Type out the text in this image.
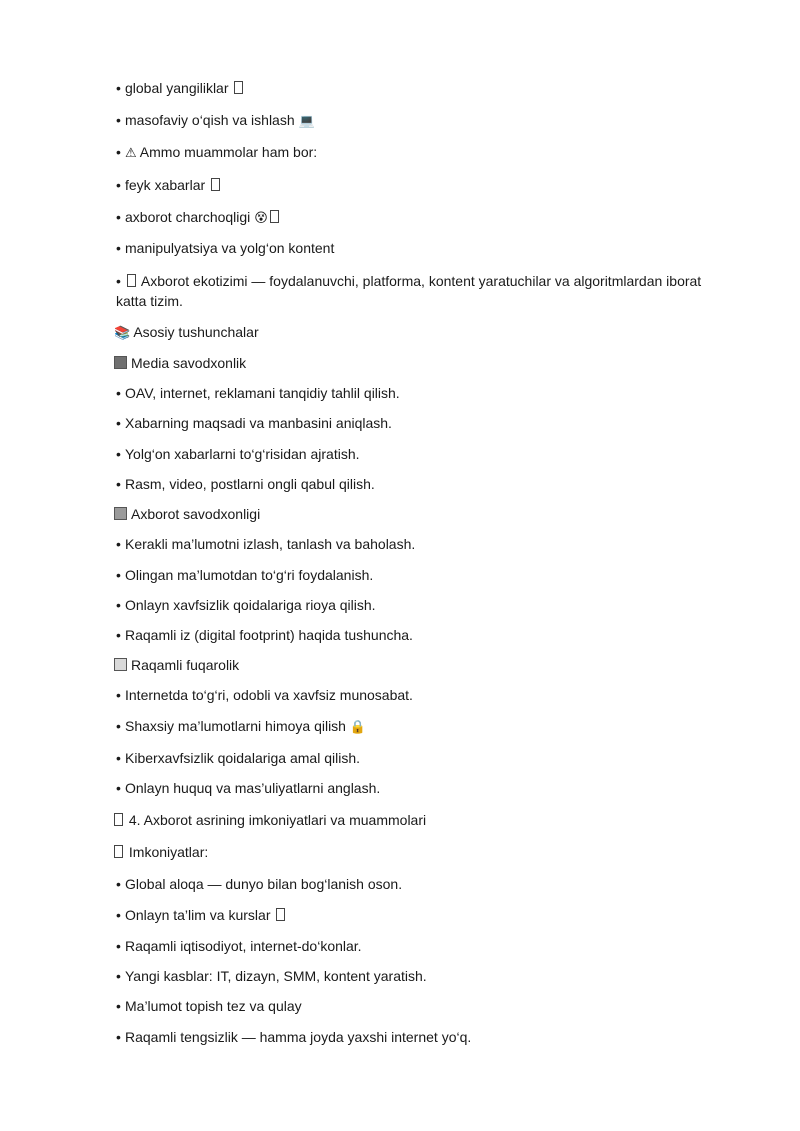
• global yangiliklar
• masofaviy o‘qish va ishlash 💻
• ⚠ Ammo muammolar ham bor:
• feyk xabarlar
• axborot charchoqligi 😵
• manipulyatsiya va yolg‘on kontent
• Axborot ekotizimi — foydalanuvchi, platforma, kontent yaratuchilar va algoritmlardan iborat katta tizim.
📚 Asosiy tushunchalar
Media savodxonlik
• OAV, internet, reklamani tanqidiy tahlil qilish.
• Xabarning maqsadi va manbasini aniqlash.
• Yolg‘on xabarlarni to‘g‘risidan ajratish.
• Rasm, video, postlarni ongli qabul qilish.
Axborot savodxonligi
• Kerakli ma’lumotni izlash, tanlash va baholash.
• Olingan ma’lumotdan to‘g‘ri foydalanish.
• Onlayn xavfsizlik qoidalariga rioya qilish.
• Raqamli iz (digital footprint) haqida tushuncha.
Raqamli fuqarolik
• Internetda to‘g‘ri, odobli va xavfsiz munosabat.
• Shaxsiy ma’lumotlarni himoya qilish 🔒
• Kiberxavfsizlik qoidalariga amal qilish.
• Onlayn huquq va mas’uliyatlarni anglash.
4. Axborot asrining imkoniyatlari va muammolari
Imkoniyatlar:
• Global aloqa — dunyo bilan bog‘lanish oson.
• Onlayn ta’lim va kurslar
• Raqamli iqtisodiyot, internet-do‘konlar.
• Yangi kasblar: IT, dizayn, SMM, kontent yaratish.
• Ma’lumot topish tez va qulay
• Raqamli tengsizlik — hamma joyda yaxshi internet yo‘q.
